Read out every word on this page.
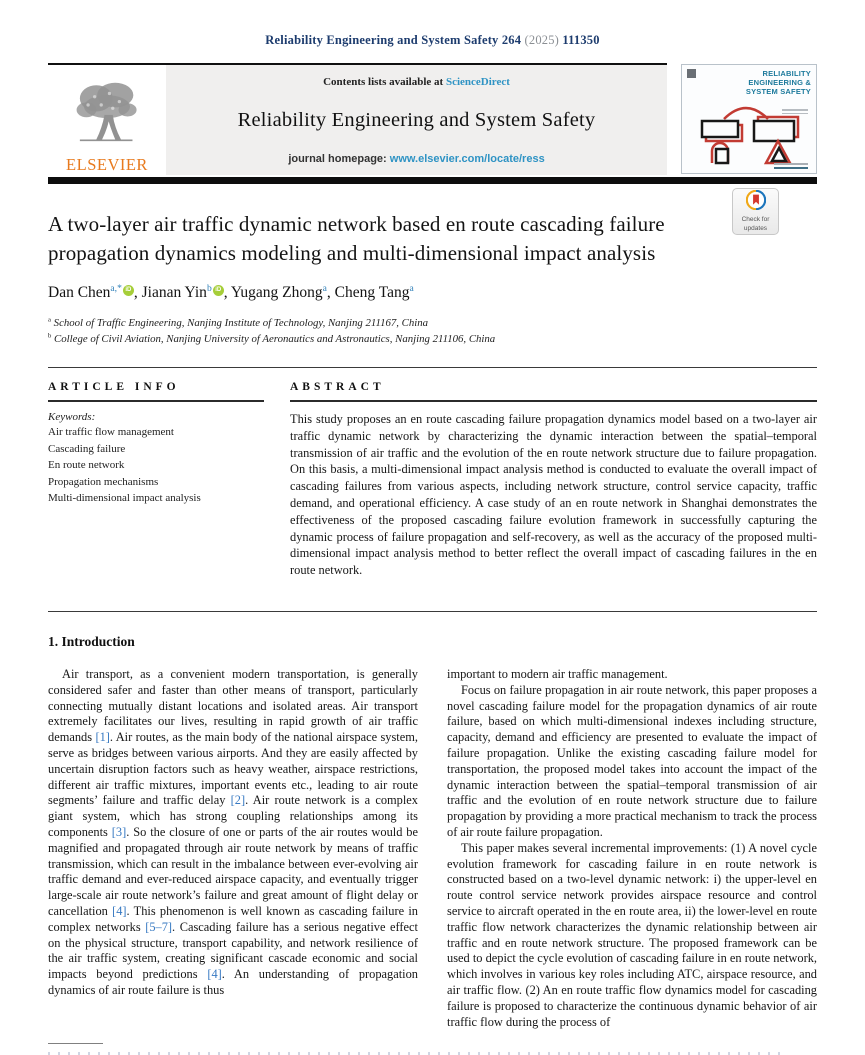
Reliability Engineering and System Safety 264 (2025) 111350
ELSEVIER
Contents lists available at ScienceDirect
Reliability Engineering and System Safety
journal homepage: www.elsevier.com/locate/ress
RELIABILITY ENGINEERING & SYSTEM SAFETY
A two-layer air traffic dynamic network based en route cascading failure propagation dynamics modeling and multi-dimensional impact analysis
Check for updates
Dan Chen$^{a,*}$ iD , Jianan Yin$^b$ iD , Yugang Zhong$^a$, Cheng Tang$^a$
$^a$ School of Traffic Engineering, Nanjing Institute of Technology, Nanjing 211167, China
$^b$ College of Civil Aviation, Nanjing University of Aeronautics and Astronautics, Nanjing 211106, China
ARTICLE INFO
Keywords:
Air traffic flow management
Cascading failure
En route network
Propagation mechanisms
Multi-dimensional impact analysis
ABSTRACT
This study proposes an en route cascading failure propagation dynamics model based on a two-layer air traffic dynamic network by characterizing the dynamic interaction between the spatial–temporal transmission of air traffic and the evolution of the en route network structure due to failure propagation. On this basis, a multi-dimensional impact analysis method is conducted to evaluate the overall impact of cascading failures from various aspects, including network structure, control service capacity, traffic demand, and operational efficiency. A case study of an en route network in Shanghai demonstrates the effectiveness of the proposed cascading failure evolution framework in successfully capturing the dynamic process of failure propagation and self-recovery, as well as the accuracy of the proposed multi-dimensional impact analysis method to better reflect the overall impact of cascading failures in the en route network.
1. Introduction

Air transport, as a convenient modern transportation, is generally considered safer and faster than other means of transport, particularly connecting mutually distant locations and isolated areas. Air transport extremely facilitates our lives, resulting in rapid growth of air traffic demands [1]. Air routes, as the main body of the national airspace system, serve as bridges between various airports. And they are easily affected by uncertain disruption factors such as heavy weather, airspace restrictions, different air traffic mixtures, important events etc., leading to air route segments’ failure and traffic delay [2]. Air route network is a complex giant system, which has strong coupling relationships among its components [3]. So the closure of one or parts of the air routes would be magnified and propagated through air route network by means of traffic transmission, which can result in the imbalance between ever-evolving air traffic demand and ever-reduced airspace capacity, and eventually trigger large-scale air route network’s failure and great amount of flight delay or cancellation [4]. This phenomenon is well known as cascading failure in complex networks [5–7]. Cascading failure has a serious negative effect on the physical structure, transport capability, and network resilience of the air traffic system, creating significant cascade economic and social impacts beyond predictions [4]. An understanding of propagation dynamics of air route failure is thus

important to modern air traffic management.

Focus on failure propagation in air route network, this paper proposes a novel cascading failure model for the propagation dynamics of air route failure, based on which multi-dimensional indexes including structure, capacity, demand and efficiency are presented to evaluate the impact of failure propagation. Unlike the existing cascading failure model for transportation, the proposed model takes into account the impact of the dynamic interaction between the spatial–temporal transmission of air traffic and the evolution of en route network structure due to failure propagation by providing a more practical mechanism to track the process of air route failure propagation.

This paper makes several incremental improvements: (1) A novel cycle evolution framework for cascading failure in en route network is constructed based on a two-level dynamic network: i) the upper-level en route control service network provides airspace resource and control service to aircraft operated in the en route area, ii) the lower-level en route traffic flow network characterizes the dynamic relationship between air traffic and en route network structure. The proposed framework can be used to depict the cycle evolution of cascading failure in en route network, which involves in various key roles including ATC, airspace resource, and air traffic flow. (2) An en route traffic flow dynamics model for cascading failure is proposed to characterize the continuous dynamic behavior of air traffic flow during the process of
